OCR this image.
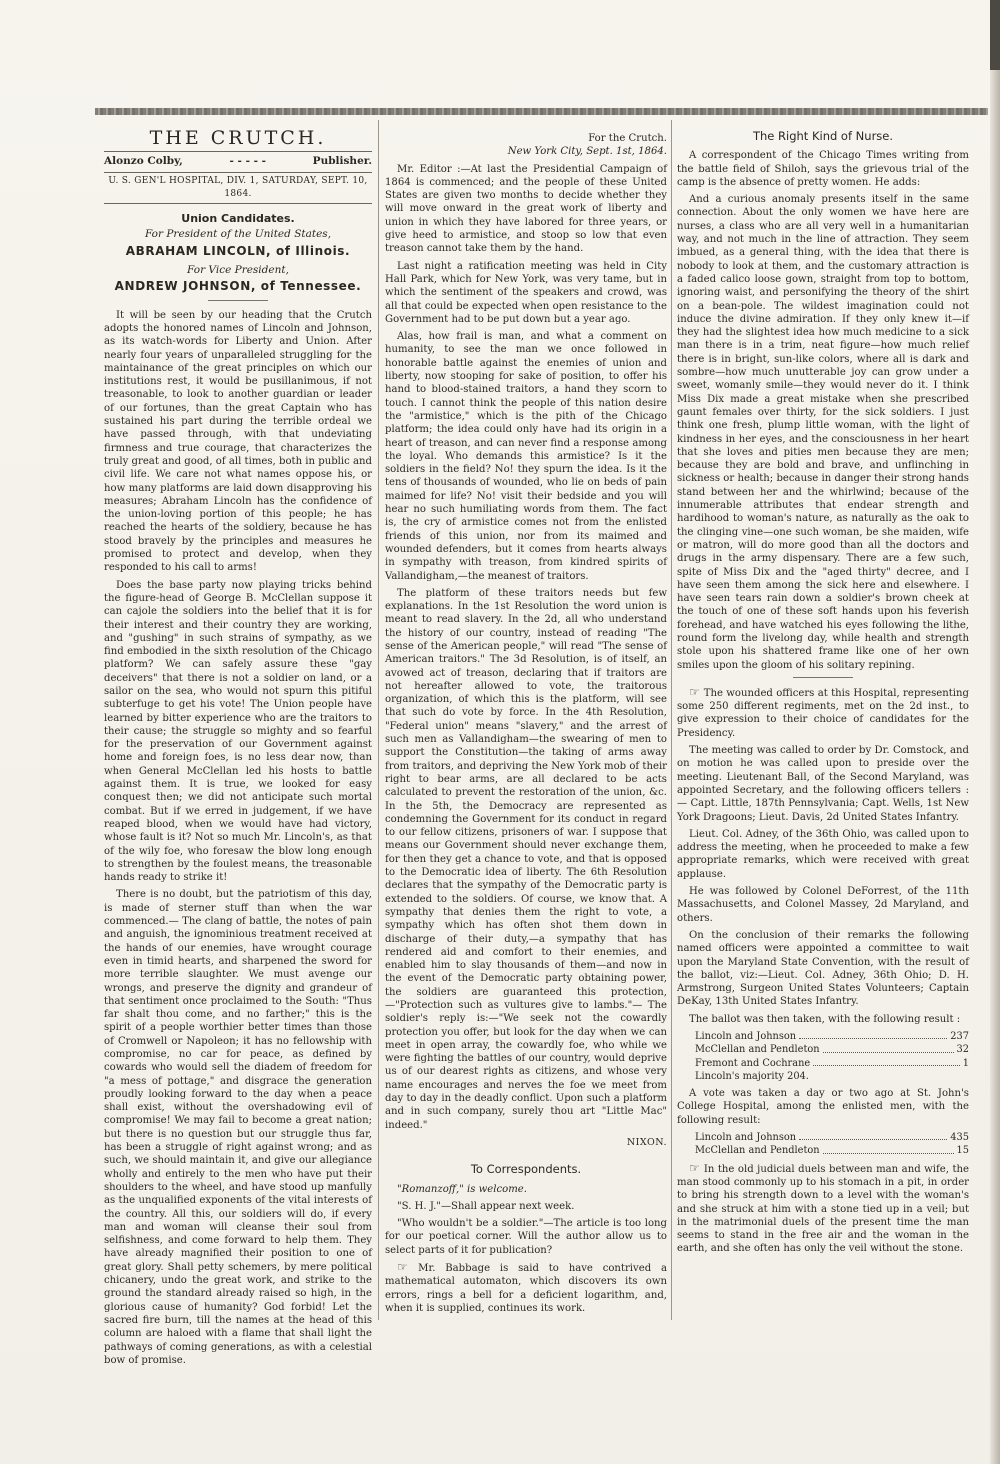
THE CRUTCH.
Alonzo Colby,	- - - - -	Publisher.
U. S. GEN'L HOSPITAL, DIV. 1, SATURDAY, SEPT. 10, 1864.
Union Candidates.
For President of the United States,
ABRAHAM LINCOLN, of Illinois.
For Vice President,
ANDREW JOHNSON, of Tennessee.

It will be seen by our heading that the Crutch adopts the honored names of Lincoln and Johnson, as its watch-words for Liberty and Union. After nearly four years of unparalleled struggling for the maintainance of the great principles on which our institutions rest, it would be pusillanimous, if not treasonable, to look to another guardian or leader of our fortunes, than the great Captain who has sustained his part during the terrible ordeal we have passed through, with that undeviating firmness and true courage, that characterizes the truly great and good, of all times, both in public and civil life. We care not what names oppose his, or how many platforms are laid down disapproving his measures; Abraham Lincoln has the confidence of the union-loving portion of this people; he has reached the hearts of the soldiery, because he has stood bravely by the principles and measures he promised to protect and develop, when they responded to his call to arms!

Does the base party now playing tricks behind the figure-head of George B. McClellan suppose it can cajole the soldiers into the belief that it is for their interest and their country they are working, and "gushing" in such strains of sympathy, as we find embodied in the sixth resolution of the Chicago platform? We can safely assure these "gay deceivers" that there is not a soldier on land, or a sailor on the sea, who would not spurn this pitiful subterfuge to get his vote! The Union people have learned by bitter experience who are the traitors to their cause; the struggle so mighty and so fearful for the preservation of our Government against home and foreign foes, is no less dear now, than when General McClellan led his hosts to battle against them. It is true, we looked for easy conquest then; we did not anticipate such mortal combat. But if we erred in judgement, if we have reaped blood, when we would have had victory, whose fault is it? Not so much Mr. Lincoln's, as that of the wily foe, who foresaw the blow long enough to strengthen by the foulest means, the treasonable hands ready to strike it!

There is no doubt, but the patriotism of this day, is made of sterner stuff than when the war commenced.— The clang of battle, the notes of pain and anguish, the ignominious treatment received at the hands of our enemies, have wrought courage even in timid hearts, and sharpened the sword for more terrible slaughter. We must avenge our wrongs, and preserve the dignity and grandeur of that sentiment once proclaimed to the South: "Thus far shalt thou come, and no farther;" this is the spirit of a people worthier better times than those of Cromwell or Napoleon; it has no fellowship with compromise, no car for peace, as defined by cowards who would sell the diadem of freedom for "a mess of pottage," and disgrace the generation proudly looking forward to the day when a peace shall exist, without the overshadowing evil of compromise! We may fail to become a great nation; but there is no question but our struggle thus far, has been a struggle of right against wrong; and as such, we should maintain it, and give our allegiance wholly and entirely to the men who have put their shoulders to the wheel, and have stood up manfully as the unqualified exponents of the vital interests of the country. All this, our soldiers will do, if every man and woman will cleanse their soul from selfishness, and come forward to help them. They have already magnified their position to one of great glory. Shall petty schemers, by mere political chicanery, undo the great work, and strike to the ground the standard already raised so high, in the glorious cause of humanity? God forbid! Let the sacred fire burn, till the names at the head of this column are haloed with a flame that shall light the pathways of coming generations, as with a celestial bow of promise.

For the Crutch.
New York City, Sept. 1st, 1864.

Mr. Editor :—At last the Presidential Campaign of 1864 is commenced; and the people of these United States are given two months to decide whether they will move onward in the great work of liberty and union in which they have labored for three years, or give heed to armistice, and stoop so low that even treason cannot take them by the hand.

Last night a ratification meeting was held in City Hall Park, which for New York, was very tame, but in which the sentiment of the speakers and crowd, was all that could be expected when open resistance to the Government had to be put down but a year ago.

Alas, how frail is man, and what a comment on humanity, to see the man we once followed in honorable battle against the enemies of union and liberty, now stooping for sake of position, to offer his hand to blood-stained traitors, a hand they scorn to touch. I cannot think the people of this nation desire the "armistice," which is the pith of the Chicago platform; the idea could only have had its origin in a heart of treason, and can never find a response among the loyal. Who demands this armistice? Is it the soldiers in the field? No! they spurn the idea. Is it the tens of thousands of wounded, who lie on beds of pain maimed for life? No! visit their bedside and you will hear no such humiliating words from them. The fact is, the cry of armistice comes not from the enlisted friends of this union, nor from its maimed and wounded defenders, but it comes from hearts always in sympathy with treason, from kindred spirits of Vallandigham,—the meanest of traitors.

The platform of these traitors needs but few explanations. In the 1st Resolution the word union is meant to read slavery. In the 2d, all who understand the history of our country, instead of reading "The sense of the American people," will read "The sense of American traitors." The 3d Resolution, is of itself, an avowed act of treason, declaring that if traitors are not hereafter allowed to vote, the traitorous organization, of which this is the platform, will see that such do vote by force. In the 4th Resolution, "Federal union" means "slavery," and the arrest of such men as Vallandigham—the swearing of men to support the Constitution—the taking of arms away from traitors, and depriving the New York mob of their right to bear arms, are all declared to be acts calculated to prevent the restoration of the union, &c. In the 5th, the Democracy are represented as condemning the Government for its conduct in regard to our fellow citizens, prisoners of war. I suppose that means our Government should never exchange them, for then they get a chance to vote, and that is opposed to the Democratic idea of liberty. The 6th Resolution declares that the sympathy of the Democratic party is extended to the soldiers. Of course, we know that. A sympathy that denies them the right to vote, a sympathy which has often shot them down in discharge of their duty,—a sympathy that has rendered aid and comfort to their enemies, and enabled him to slay thousands of them—and now in the event of the Democratic party obtaining power, the soldiers are guaranteed this protection,—"Protection such as vultures give to lambs."— The soldier's reply is:—"We seek not the cowardly protection you offer, but look for the day when we can meet in open array, the cowardly foe, who while we were fighting the battles of our country, would deprive us of our dearest rights as citizens, and whose very name encourages and nerves the foe we meet from day to day in the deadly conflict. Upon such a platform and in such company, surely thou art "Little Mac" indeed."

NIXON.
To Correspondents.

"Romanzoff," is welcome.

"S. H. J."—Shall appear next week.

"Who wouldn't be a soldier."—The article is too long for our poetical corner. Will the author allow us to select parts of it for publication?

☞ Mr. Babbage is said to have contrived a mathematical automaton, which discovers its own errors, rings a bell for a deficient logarithm, and, when it is supplied, continues its work.

The Right Kind of Nurse.

A correspondent of the Chicago Times writing from the battle field of Shiloh, says the grievous trial of the camp is the absence of pretty women. He adds:

And a curious anomaly presents itself in the same connection. About the only women we have here are nurses, a class who are all very well in a humanitarian way, and not much in the line of attraction. They seem imbued, as a general thing, with the idea that there is nobody to look at them, and the customary attraction is a faded calico loose gown, straight from top to bottom, ignoring waist, and personifying the theory of the shirt on a bean-pole. The wildest imagination could not induce the divine admiration. If they only knew it—if they had the slightest idea how much medicine to a sick man there is in a trim, neat figure—how much relief there is in bright, sun-like colors, where all is dark and sombre—how much unutterable joy can grow under a sweet, womanly smile—they would never do it. I think Miss Dix made a great mistake when she prescribed gaunt females over thirty, for the sick soldiers. I just think one fresh, plump little woman, with the light of kindness in her eyes, and the consciousness in her heart that she loves and pities men because they are men; because they are bold and brave, and unflinching in sickness or health; because in danger their strong hands stand between her and the whirlwind; because of the innumerable attributes that endear strength and hardihood to woman's nature, as naturally as the oak to the clinging vine—one such woman, be she maiden, wife or matron, will do more good than all the doctors and drugs in the army dispensary. There are a few such, spite of Miss Dix and the "aged thirty" decree, and I have seen them among the sick here and elsewhere. I have seen tears rain down a soldier's brown cheek at the touch of one of these soft hands upon his feverish forehead, and have watched his eyes following the lithe, round form the livelong day, while health and strength stole upon his shattered frame like one of her own smiles upon the gloom of his solitary repining.

☞ The wounded officers at this Hospital, representing some 250 different regiments, met on the 2d inst., to give expression to their choice of candidates for the Presidency.

The meeting was called to order by Dr. Comstock, and on motion he was called upon to preside over the meeting. Lieutenant Ball, of the Second Maryland, was appointed Secretary, and the following officers tellers :— Capt. Little, 187th Pennsylvania; Capt. Wells, 1st New York Dragoons; Lieut. Davis, 2d United States Infantry.

Lieut. Col. Adney, of the 36th Ohio, was called upon to address the meeting, when he proceeded to make a few appropriate remarks, which were received with great applause.

He was followed by Colonel DeForrest, of the 11th Massachusetts, and Colonel Massey, 2d Maryland, and others.

On the conclusion of their remarks the following named officers were appointed a committee to wait upon the Maryland State Convention, with the result of the ballot, viz:—Lieut. Col. Adney, 36th Ohio; D. H. Armstrong, Surgeon United States Volunteers; Captain DeKay, 13th United States Infantry.

The ballot was then taken, with the following result :

Lincoln and Johnson	237
McClellan and Pendleton	32
Fremont and Cochrane	1
Lincoln's majority 204.

A vote was taken a day or two ago at St. John's College Hospital, among the enlisted men, with the following result:

Lincoln and Johnson	435
McClellan and Pendleton	15

☞ In the old judicial duels between man and wife, the man stood commonly up to his stomach in a pit, in order to bring his strength down to a level with the woman's and she struck at him with a stone tied up in a veil; but in the matrimonial duels of the present time the man seems to stand in the free air and the woman in the earth, and she often has only the veil without the stone.
